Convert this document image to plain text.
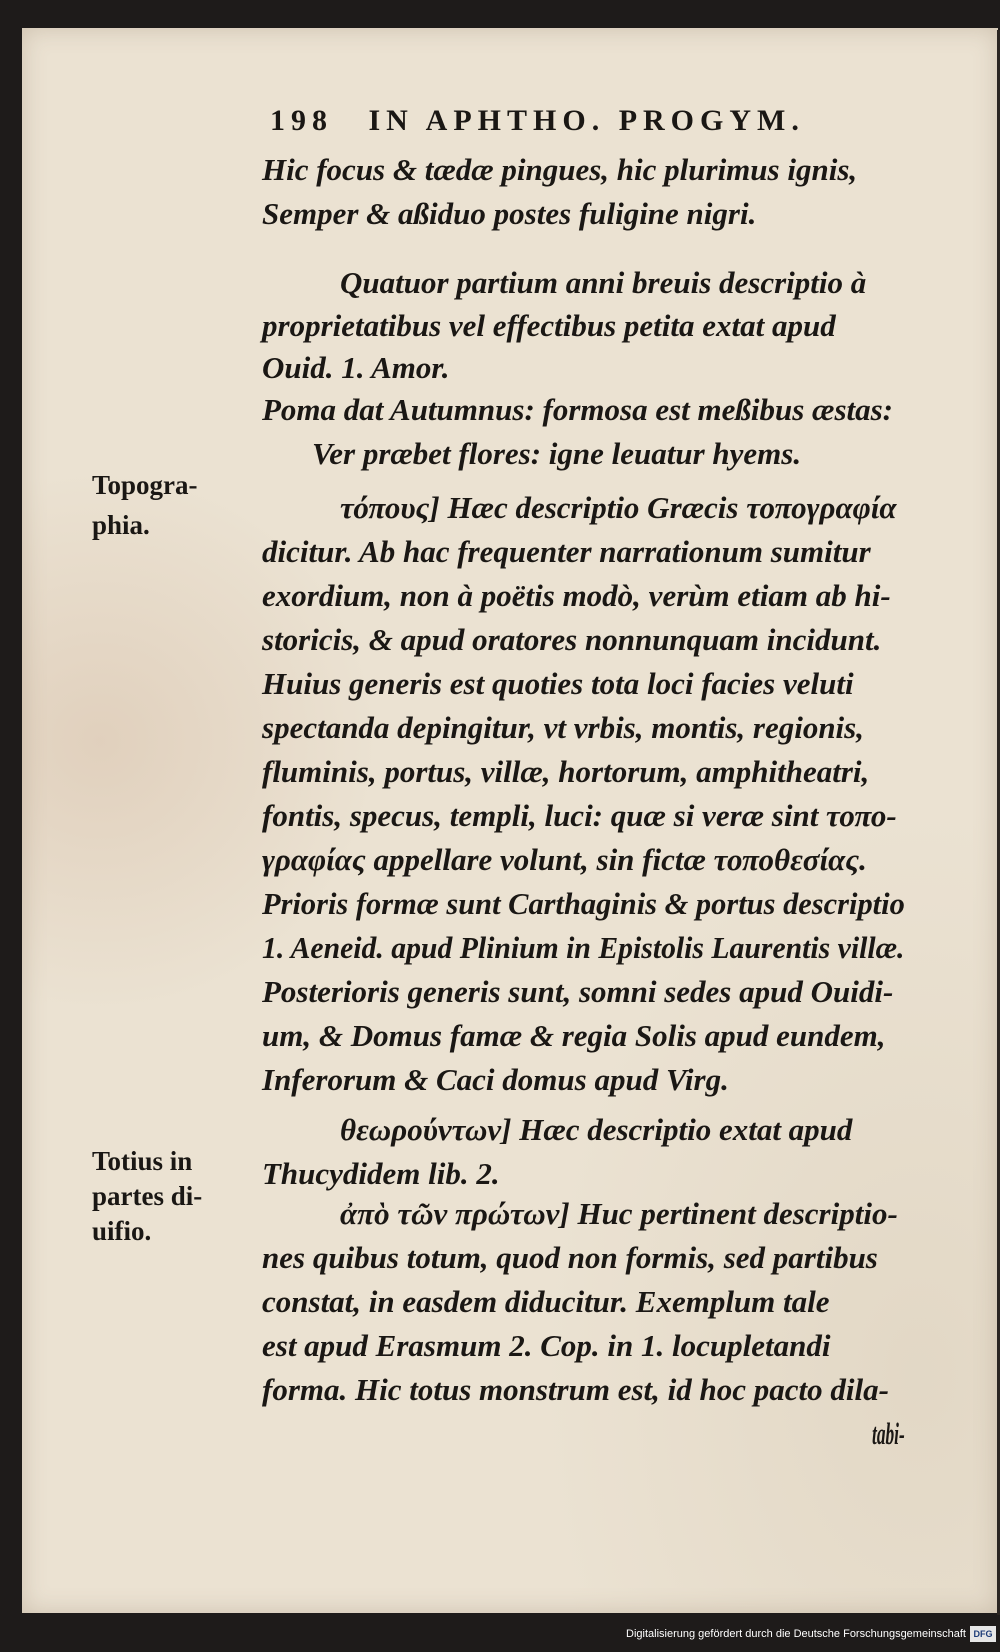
198 IN APHTHO. PROGYM.
Topogra-
phia.
Totius in
partes di-
uifio.
Hic focus & tædæ pingues, hic plurimus ignis,
Semper & aßiduo postes fuligine nigri.
Quatuor partium anni breuis descriptio à
proprietatibus vel effectibus petita extat apud
Ouid. 1. Amor.
Poma dat Autumnus: formosa est meßibus æstas:
Ver præbet flores: igne leuatur hyems.
τόπους] Hæc descriptio Græcis τοπογραφία
dicitur. Ab hac frequenter narrationum sumitur
exordium, non à poëtis modò, verùm etiam ab hi-
storicis, & apud oratores nonnunquam incidunt.
Huius generis est quoties tota loci facies veluti
spectanda depingitur, vt vrbis, montis, regionis,
fluminis, portus, villæ, hortorum, amphitheatri,
fontis, specus, templi, luci: quæ si veræ sint τοπο-
γραφίας appellare volunt, sin fictæ τοποθεσίας.
Prioris formæ sunt Carthaginis & portus descriptio
1. Aeneid. apud Plinium in Epistolis Laurentis villæ.
Posterioris generis sunt, somni sedes apud Ouidi-
um, & Domus famæ & regia Solis apud eundem,
Inferorum & Caci domus apud Virg.
θεωρούντων] Hæc descriptio extat apud
Thucydidem lib. 2.
ἀπὸ τῶν πρώτων] Huc pertinent descriptio-
nes quibus totum, quod non formis, sed partibus
constat, in easdem diducitur. Exemplum tale
est apud Erasmum 2. Cop. in 1. locupletandi
forma. Hic totus monstrum est, id hoc pacto dila-
tabi-
Digitalisierung gefördert durch die Deutsche Forschungsgemeinschaft DFG
